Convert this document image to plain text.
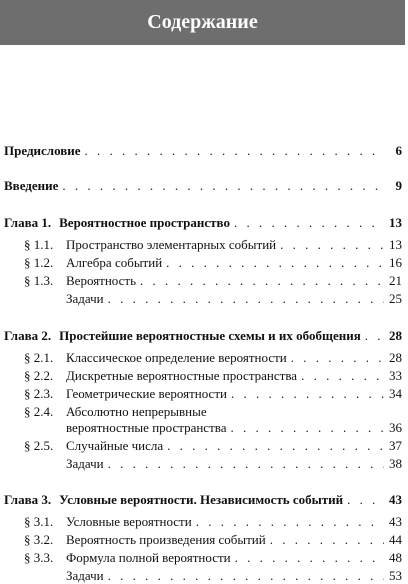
Содержание
Предисловие . . .	6
Введение . . .	9
Глава 1. Вероятностное пространство . . .	13
§ 1.1. Пространство элементарных событий . . .	13
§ 1.2. Алгебра событий . . .	16
§ 1.3. Вероятность . . .	21
Задачи . . .	25
Глава 2. Простейшие вероятностные схемы и их обобщения . . . 28
§ 2.1. Классическое определение вероятности . . .	28
§ 2.2. Дискретные вероятностные пространства . . .	33
§ 2.3. Геометрические вероятности . . .	34
§ 2.4. Абсолютно непрерывные
вероятностные пространства . . .	36
§ 2.5. Случайные числа . . .	37
Задачи . . .	38
Глава 3. Условные вероятности. Независимость событий . . .	43
§ 3.1. Условные вероятности . . .	43
§ 3.2. Вероятность произведения событий . . .	44
§ 3.3. Формула полной вероятности . . .	48
Задачи . . .	53
